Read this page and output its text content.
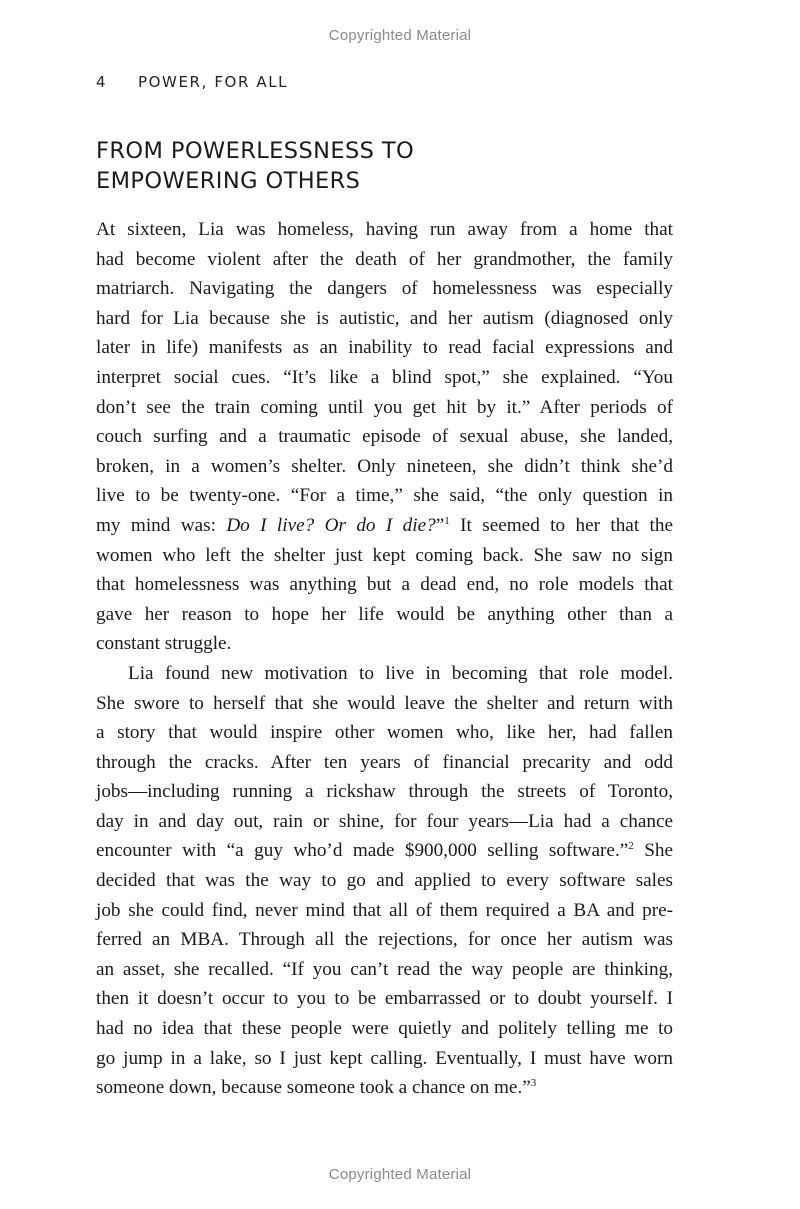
Copyrighted Material
4 POWER, FOR ALL
FROM POWERLESSNESS TO
EMPOWERING OTHERS
At sixteen, Lia was homeless, having run away from a home that
had become violent after the death of her grandmother, the family
matriarch. Navigating the dangers of homelessness was especially
hard for Lia because she is autistic, and her autism (diagnosed only
later in life) manifests as an inability to read facial expressions and
interpret social cues. “It’s like a blind spot,” she explained. “You
don’t see the train coming until you get hit by it.” After periods of
couch surfing and a traumatic episode of sexual abuse, she landed,
broken, in a women’s shelter. Only nineteen, she didn’t think she’d
live to be twenty-one. “For a time,” she said, “the only question in
my mind was: Do I live? Or do I die?”$^1$ It seemed to her that the
women who left the shelter just kept coming back. She saw no sign
that homelessness was anything but a dead end, no role models that
gave her reason to hope her life would be anything other than a
constant struggle.
Lia found new motivation to live in becoming that role model.
She swore to herself that she would leave the shelter and return with
a story that would inspire other women who, like her, had fallen
through the cracks. After ten years of financial precarity and odd
jobs—including running a rickshaw through the streets of Toronto,
day in and day out, rain or shine, for four years—Lia had a chance
encounter with “a guy who’d made $900,000 selling software.”$^2$ She
decided that was the way to go and applied to every software sales
job she could find, never mind that all of them required a BA and pre-
ferred an MBA. Through all the rejections, for once her autism was
an asset, she recalled. “If you can’t read the way people are thinking,
then it doesn’t occur to you to be embarrassed or to doubt yourself. I
had no idea that these people were quietly and politely telling me to
go jump in a lake, so I just kept calling. Eventually, I must have worn
someone down, because someone took a chance on me.”$^3$
Copyrighted Material
